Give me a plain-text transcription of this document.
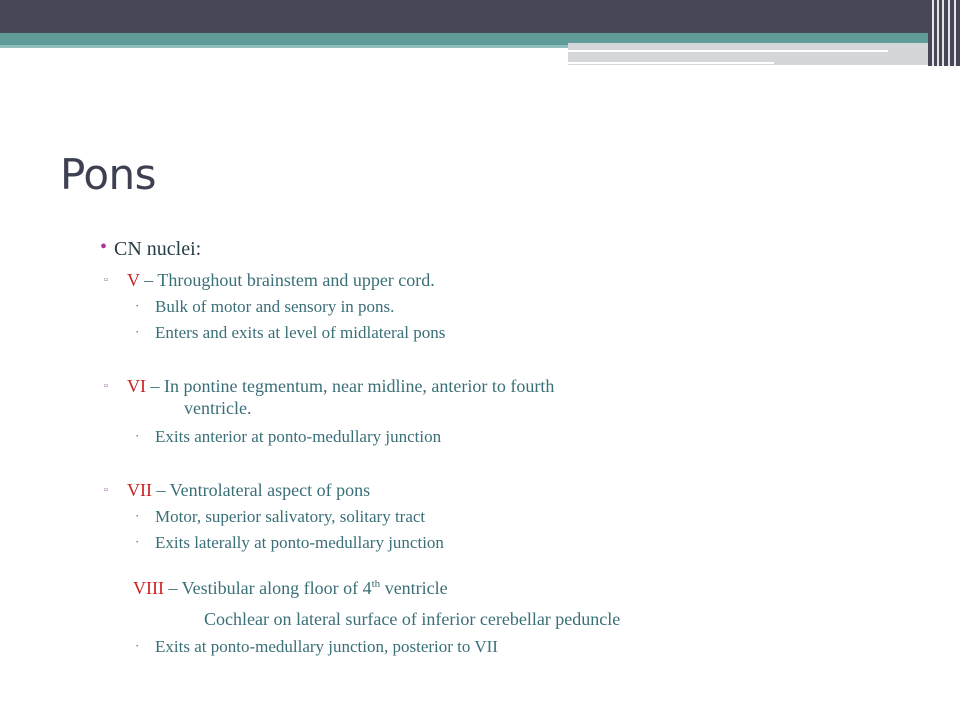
Pons
• CN nuclei:
▫ V – Throughout brainstem and upper cord.
· Bulk of motor and sensory in pons.
· Enters and exits at level of midlateral pons
▫ VI – In pontine tegmentum, near midline, anterior to fourth
ventricle.
· Exits anterior at ponto-medullary junction
▫ VII – Ventrolateral aspect of pons
· Motor, superior salivatory, solitary tract
· Exits laterally at ponto-medullary junction
VIII – Vestibular along floor of 4th ventricle
Cochlear on lateral surface of inferior cerebellar peduncle
· Exits at ponto-medullary junction, posterior to VII
